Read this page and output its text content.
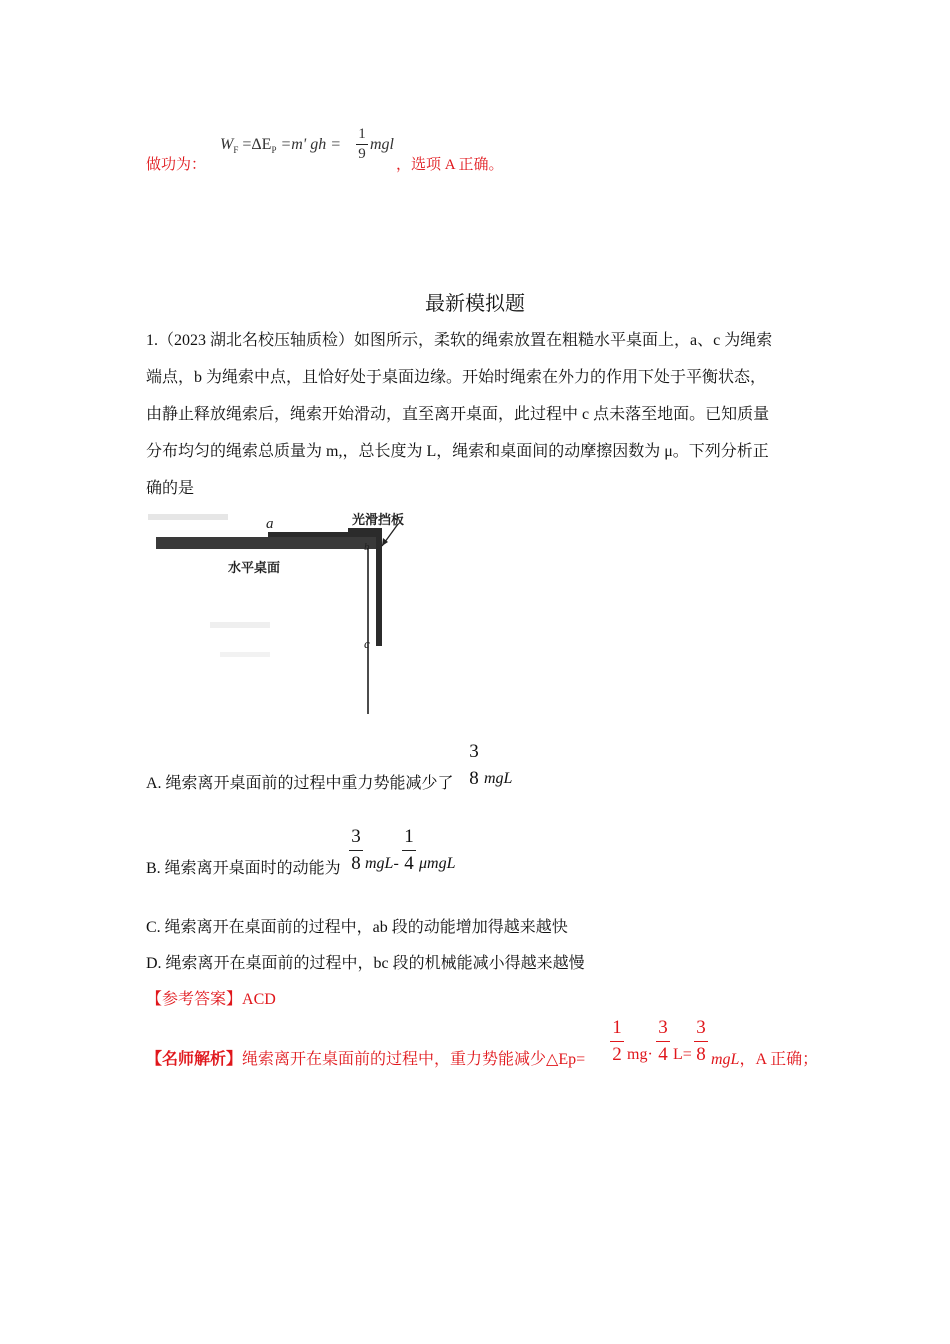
做功为：
$W_F =\Delta E_P =m'$ gh =
1
9
mgl
，选项 A 正确。
最新模拟题
1.（2023 湖北名校压轴质检）如图所示，柔软的绳索放置在粗糙水平桌面上，a、c 为绳索
端点，b 为绳索中点，且恰好处于桌面边缘。开始时绳索在外力的作用下处于平衡状态，
由静止释放绳索后，绳索开始滑动，直至离开桌面，此过程中 c 点未落至地面。已知质量
分布均匀的绳索总质量为 m,，总长度为 L，绳索和桌面间的动摩擦因数为 μ。下列分析正
确的是
a
b
c
水平桌面
光滑挡板
A. 绳索离开桌面前的过程中重力势能减少了
3
8 mgL
B. 绳索离开桌面时的动能为
3
8 mgL-
1
4 μmgL
C. 绳索离开在桌面前的过程中，ab 段的动能增加得越来越快
D. 绳索离开在桌面前的过程中，bc 段的机械能减小得越来越慢
【参考答案】ACD
【名师解析】绳索离开在桌面前的过程中，重力势能减少△Ep=
1
2 mg·
3
4 L=
3
8 mgL，A 正确；
